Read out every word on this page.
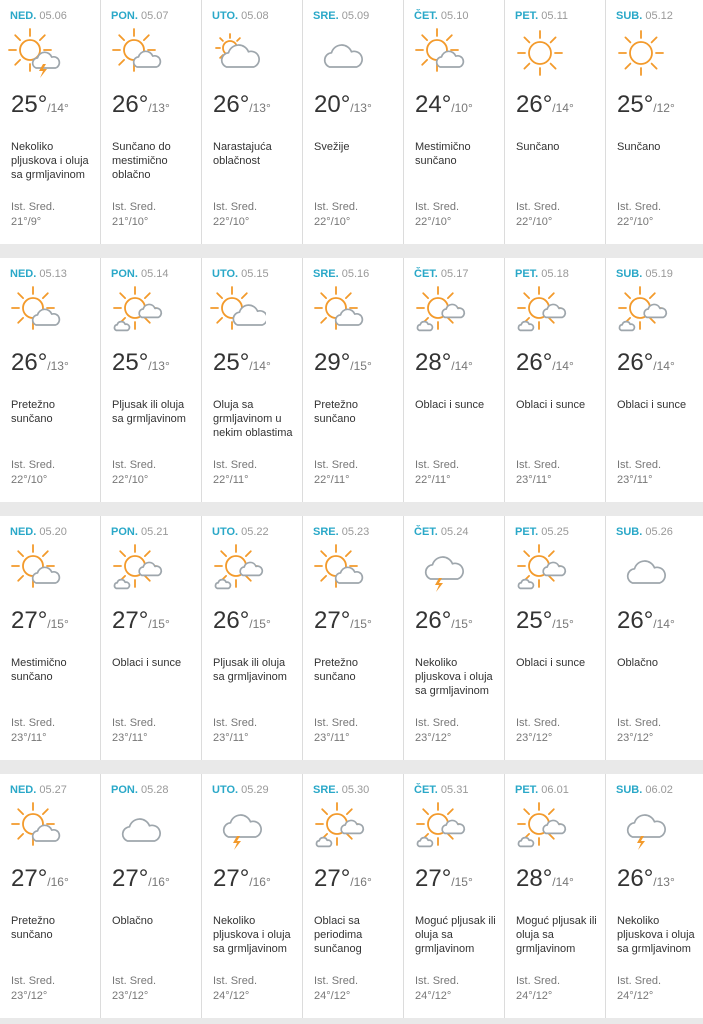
NED. 05.06
25°/14°
Nekoliko pljuskova i oluja sa grmljavinom
Ist. Sred.
21°/9°
PON. 05.07
26°/13°
Sunčano do mestimično oblačno
Ist. Sred.
21°/10°
UTO. 05.08
26°/13°
Narastajuća oblačnost
Ist. Sred.
22°/10°
SRE. 05.09
20°/13°
Svežije
Ist. Sred.
22°/10°
ČET. 05.10
24°/10°
Mestimično sunčano
Ist. Sred.
22°/10°
PET. 05.11
26°/14°
Sunčano
Ist. Sred.
22°/10°
SUB. 05.12
25°/12°
Sunčano
Ist. Sred.
22°/10°
NED. 05.13
26°/13°
Pretežno sunčano
Ist. Sred.
22°/10°
PON. 05.14
25°/13°
Pljusak ili oluja sa grmljavinom
Ist. Sred.
22°/10°
UTO. 05.15
25°/14°
Oluja sa grmljavinom u nekim oblastima
Ist. Sred.
22°/11°
SRE. 05.16
29°/15°
Pretežno sunčano
Ist. Sred.
22°/11°
ČET. 05.17
28°/14°
Oblaci i sunce
Ist. Sred.
22°/11°
PET. 05.18
26°/14°
Oblaci i sunce
Ist. Sred.
23°/11°
SUB. 05.19
26°/14°
Oblaci i sunce
Ist. Sred.
23°/11°
NED. 05.20
27°/15°
Mestimično sunčano
Ist. Sred.
23°/11°
PON. 05.21
27°/15°
Oblaci i sunce
Ist. Sred.
23°/11°
UTO. 05.22
26°/15°
Pljusak ili oluja sa grmljavinom
Ist. Sred.
23°/11°
SRE. 05.23
27°/15°
Pretežno sunčano
Ist. Sred.
23°/11°
ČET. 05.24
26°/15°
Nekoliko pljuskova i oluja sa grmljavinom
Ist. Sred.
23°/12°
PET. 05.25
25°/15°
Oblaci i sunce
Ist. Sred.
23°/12°
SUB. 05.26
26°/14°
Oblačno
Ist. Sred.
23°/12°
NED. 05.27
27°/16°
Pretežno sunčano
Ist. Sred.
23°/12°
PON. 05.28
27°/16°
Oblačno
Ist. Sred.
23°/12°
UTO. 05.29
27°/16°
Nekoliko pljuskova i oluja sa grmljavinom
Ist. Sred.
24°/12°
SRE. 05.30
27°/16°
Oblaci sa periodima sunčanog
Ist. Sred.
24°/12°
ČET. 05.31
27°/15°
Moguć pljusak ili oluja sa grmljavinom
Ist. Sred.
24°/12°
PET. 06.01
28°/14°
Moguć pljusak ili oluja sa grmljavinom
Ist. Sred.
24°/12°
SUB. 06.02
26°/13°
Nekoliko pljuskova i oluja sa grmljavinom
Ist. Sred.
24°/12°
